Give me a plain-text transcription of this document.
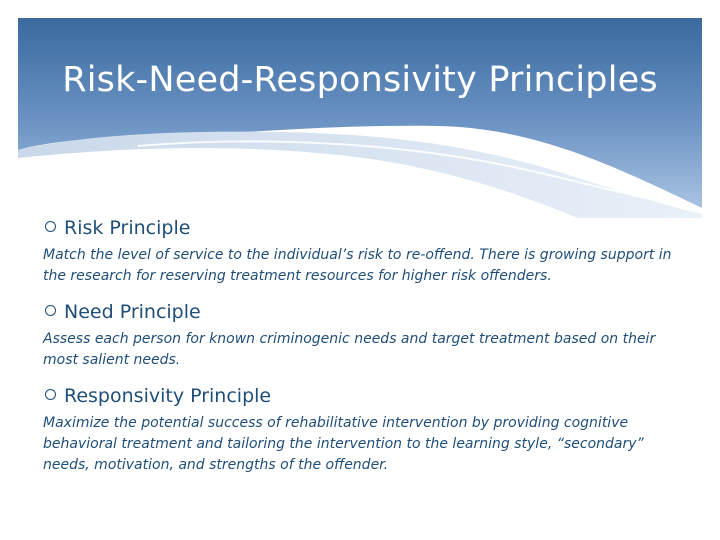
Risk-Need-Responsivity Principles
Risk Principle
Match the level of service to the individual’s risk to re-offend. There is growing support in the research for reserving treatment resources for higher risk offenders.
Need Principle
Assess each person for known criminogenic needs and target treatment based on their most salient needs.
Responsivity Principle
Maximize the potential success of rehabilitative intervention by providing cognitive behavioral treatment and tailoring the intervention to the learning style, “secondary” needs, motivation, and strengths of the offender.
